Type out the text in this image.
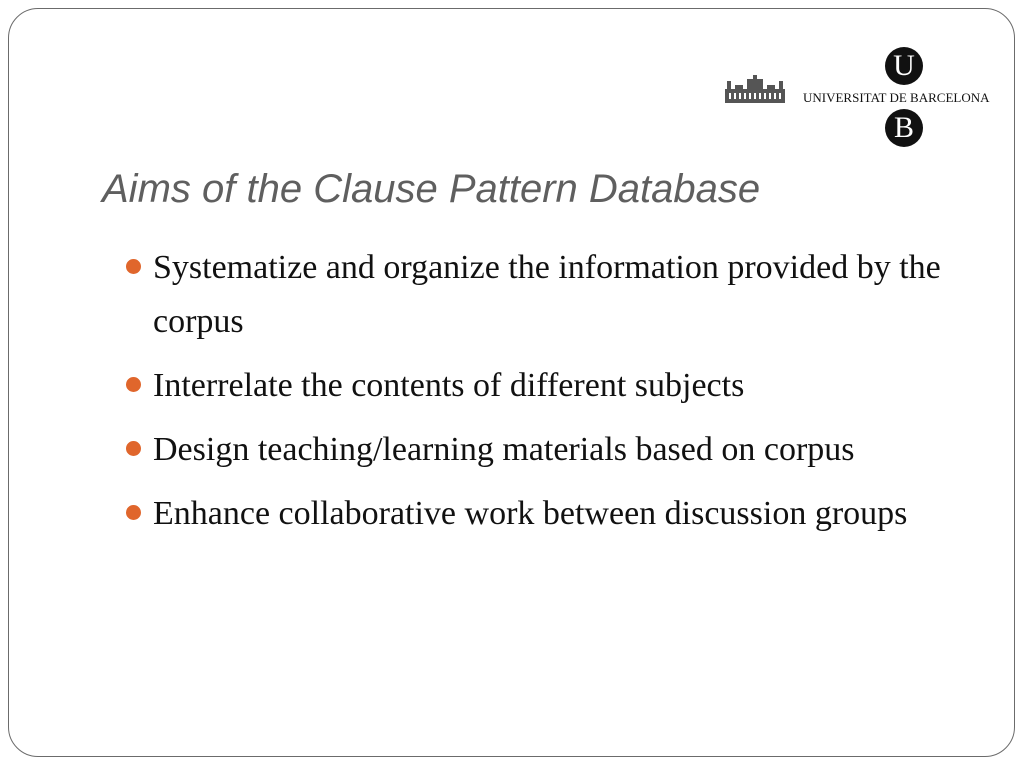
U
UNIVERSITAT DE BARCELONA
B
Aims of the Clause Pattern Database
Systematize and organize the information provided by the corpus
Interrelate the contents of different subjects
Design teaching/learning materials based on corpus
Enhance collaborative work between discussion groups
